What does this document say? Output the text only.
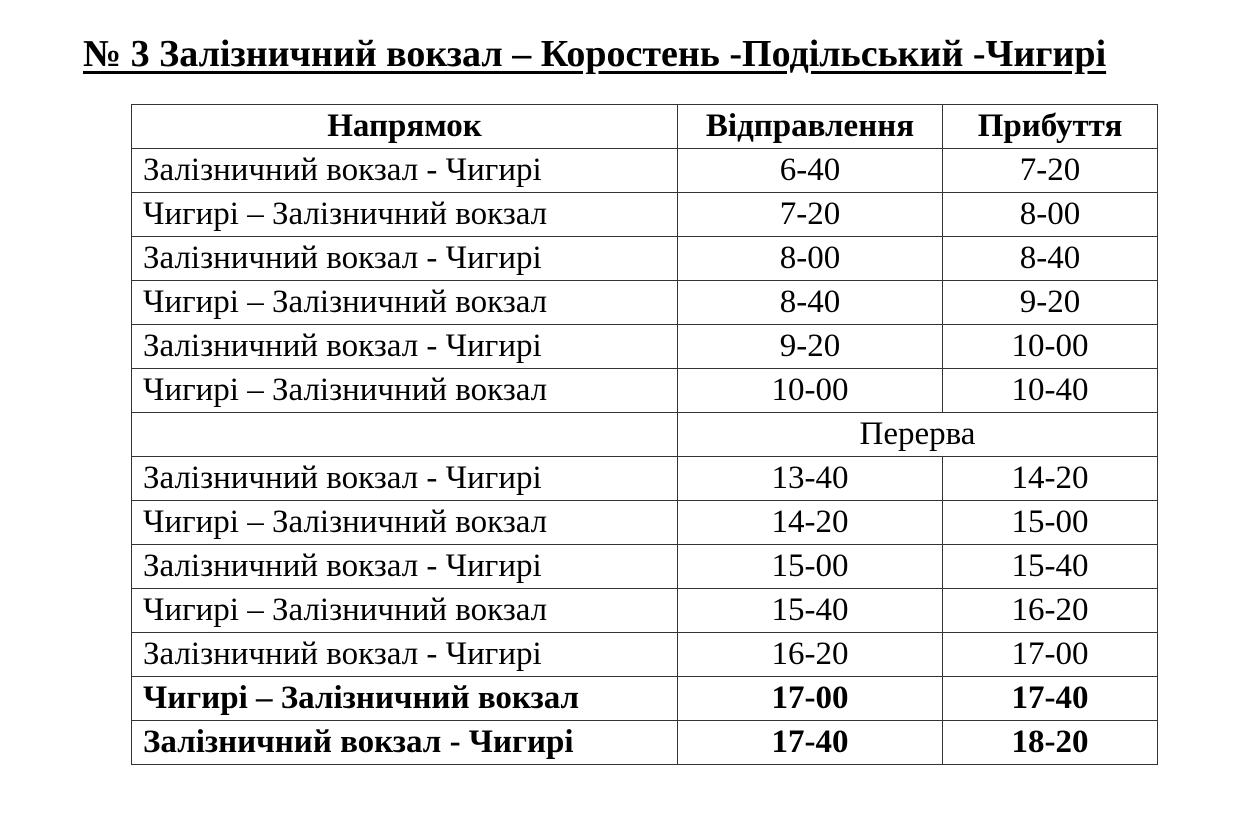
№ 3 Залізничний вокзал – Коростень -Подільський -Чигирі
Напрямок	Відправлення	Прибуття
Залізничний вокзал - Чигирі	6-40	7-20
Чигирі – Залізничний вокзал	7-20	8-00
Залізничний вокзал - Чигирі	8-00	8-40
Чигирі – Залізничний вокзал	8-40	9-20
Залізничний вокзал - Чигирі	9-20	10-00
Чигирі – Залізничний вокзал	10-00	10-40
	Перерва	
Залізничний вокзал - Чигирі	13-40	14-20
Чигирі – Залізничний вокзал	14-20	15-00
Залізничний вокзал - Чигирі	15-00	15-40
Чигирі – Залізничний вокзал	15-40	16-20
Залізничний вокзал - Чигирі	16-20	17-00
Чигирі – Залізничний вокзал	17-00	17-40
Залізничний вокзал - Чигирі	17-40	18-20
